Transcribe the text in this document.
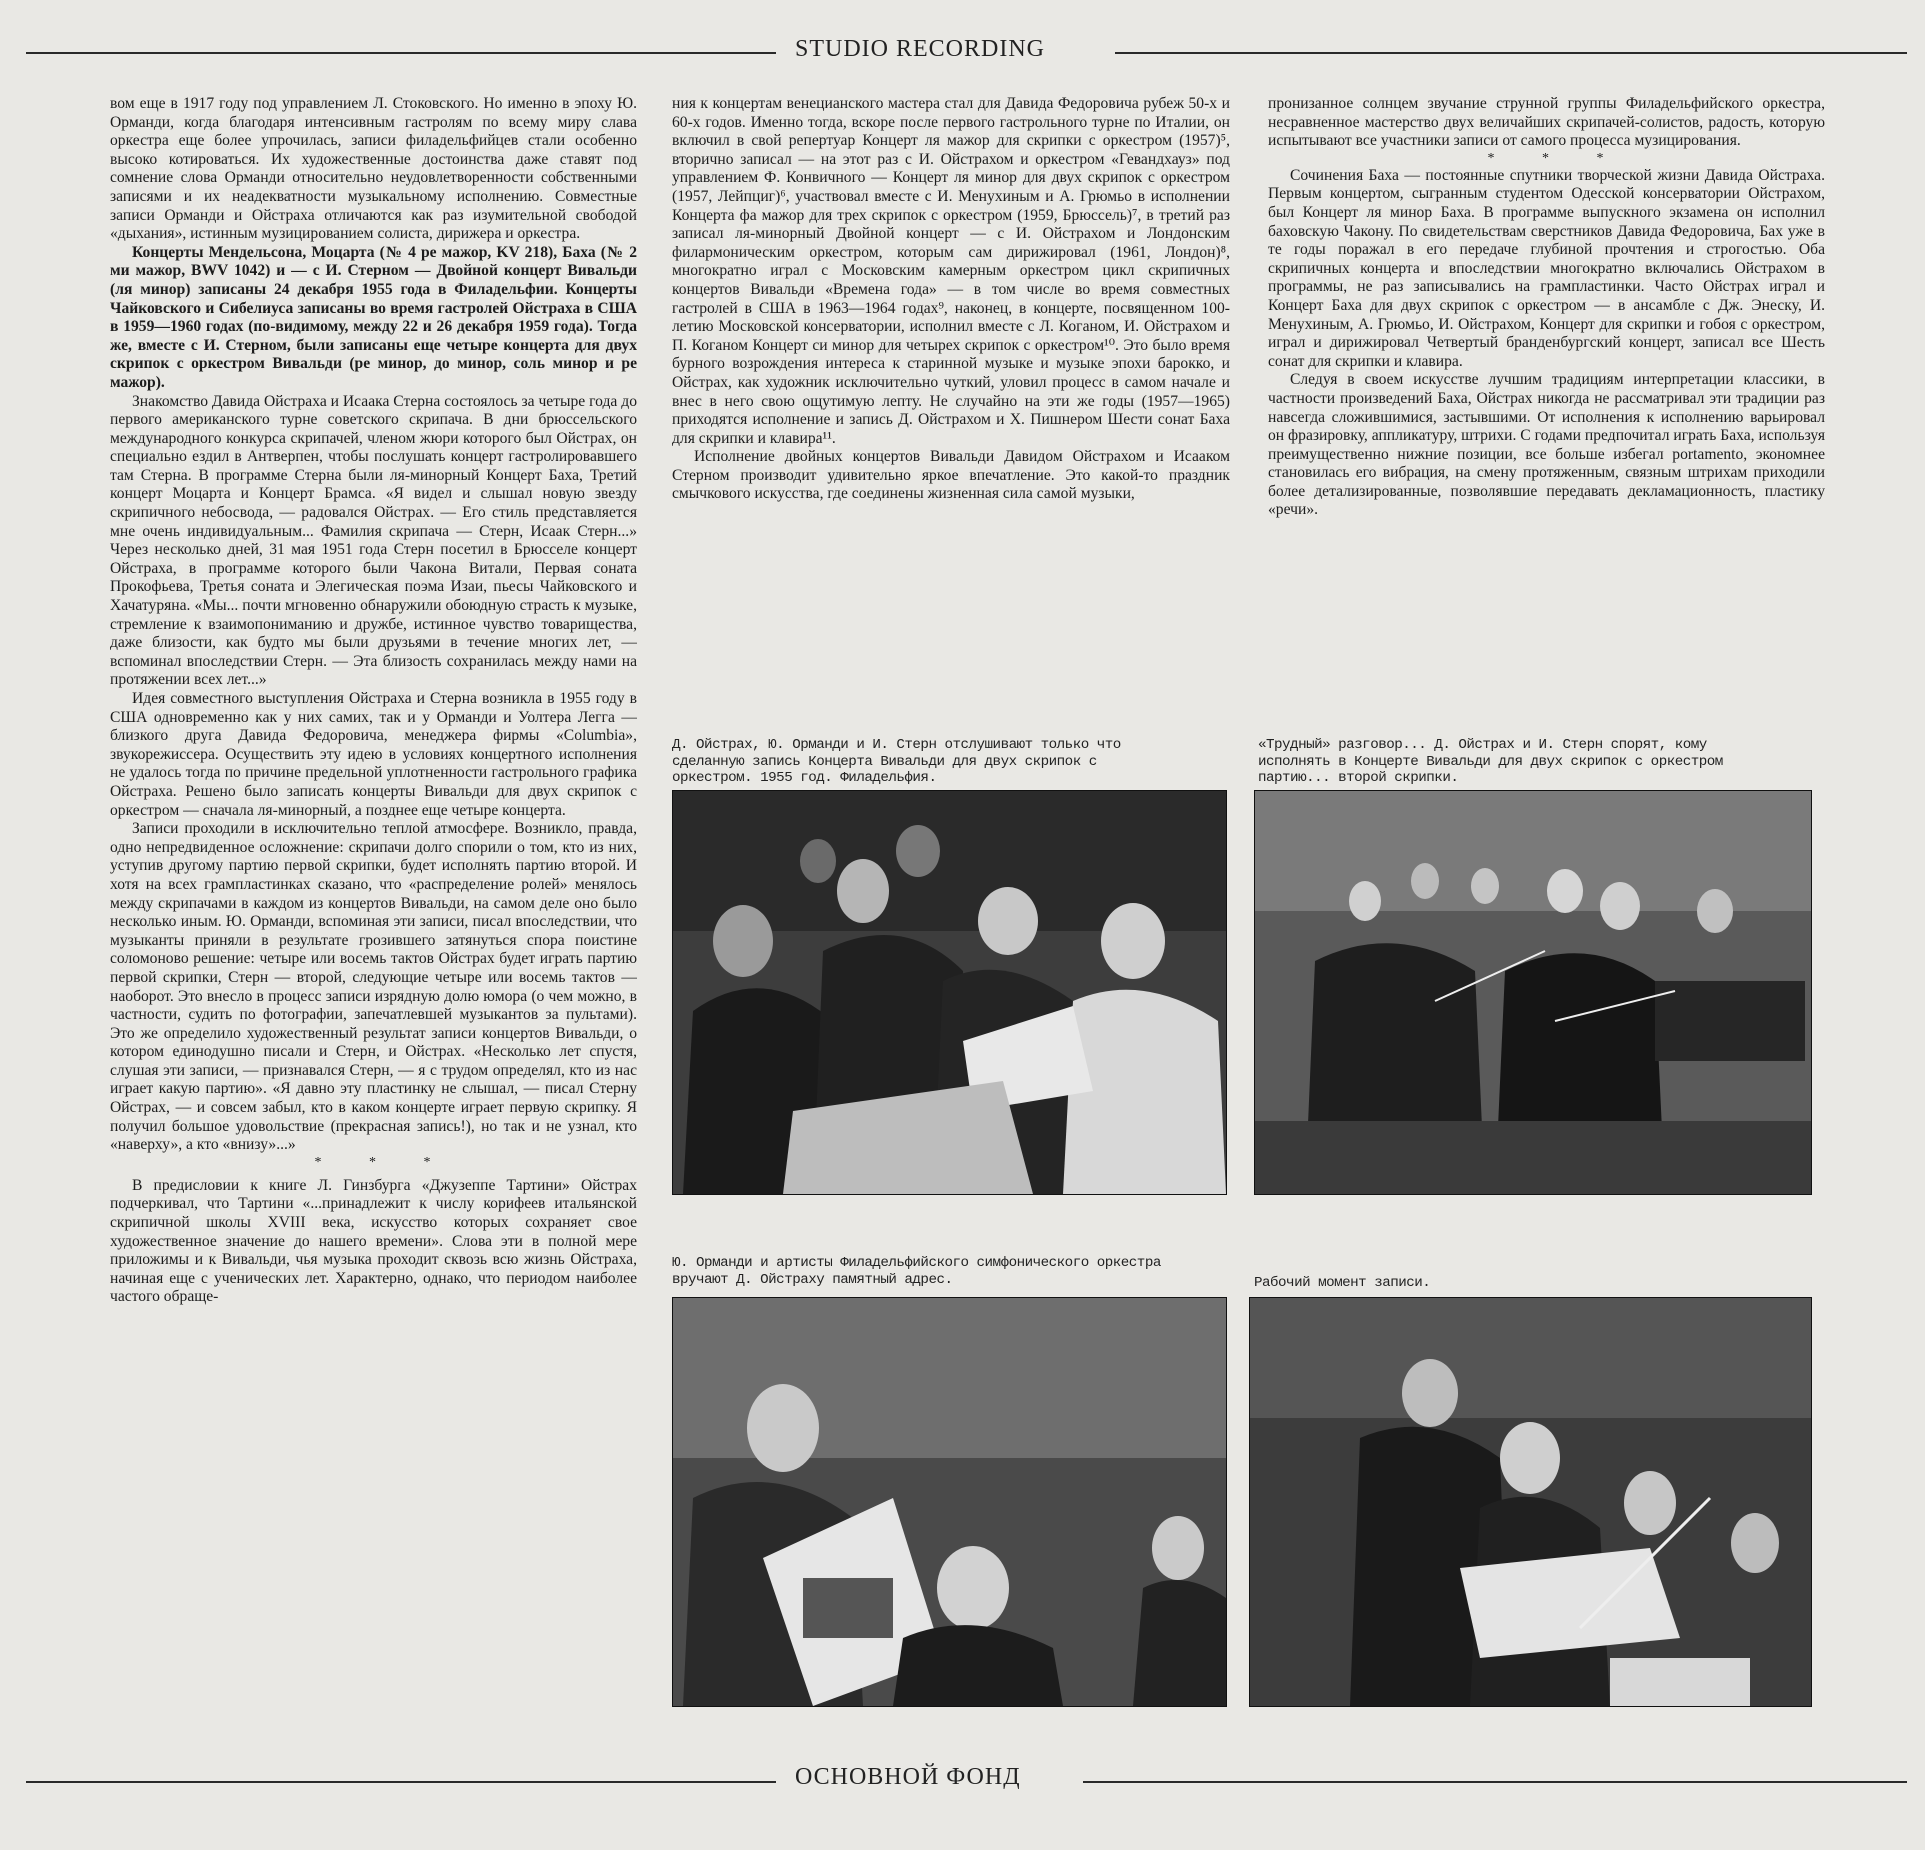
STUDIO RECORDING

вом еще в 1917 году под управлением Л. Стоковского. Но именно в эпоху Ю. Орманди, когда благодаря интенсивным гастролям по всему миру слава оркестра еще более упрочилась, записи филадельфийцев стали особенно высоко котироваться. Их художественные достоинства даже ставят под сомнение слова Орманди относительно неудовлетворенности собственными записями и их неадекватности музыкальному исполнению. Совместные записи Орманди и Ойстраха отличаются как раз изумительной свободой «дыхания», истинным музицированием солиста, дирижера и оркестра.

Концерты Мендельсона, Моцарта (№ 4 ре мажор, KV 218), Баха (№ 2 ми мажор, BWV 1042) и — с И. Стерном — Двойной концерт Вивальди (ля минор) записаны 24 декабря 1955 года в Филадельфии. Концерты Чайковского и Сибелиуса записаны во время гастролей Ойстраха в США в 1959—1960 годах (по-видимому, между 22 и 26 декабря 1959 года). Тогда же, вместе с И. Стерном, были записаны еще четыре концерта для двух скрипок с оркестром Вивальди (ре минор, до минор, соль минор и ре мажор).

Знакомство Давида Ойстраха и Исаака Стерна состоялось за четыре года до первого американского турне советского скрипача. В дни брюссельского международного конкурса скрипачей, членом жюри которого был Ойстрах, он специально ездил в Антверпен, чтобы послушать концерт гастролировавшего там Стерна. В программе Стерна были ля-минорный Концерт Баха, Третий концерт Моцарта и Концерт Брамса. «Я видел и слышал новую звезду скрипичного небосвода, — радовался Ойстрах. — Его стиль представляется мне очень индивидуальным... Фамилия скрипача — Стерн, Исаак Стерн...» Через несколько дней, 31 мая 1951 года Стерн посетил в Брюсселе концерт Ойстраха, в программе которого были Чакона Витали, Первая соната Прокофьева, Третья соната и Элегическая поэма Изаи, пьесы Чайковского и Хачатуряна. «Мы... почти мгновенно обнаружили обоюдную страсть к музыке, стремление к взаимопониманию и дружбе, истинное чувство товарищества, даже близости, как будто мы были друзьями в течение многих лет, — вспоминал впоследствии Стерн. — Эта близость сохранилась между нами на протяжении всех лет...»

Идея совместного выступления Ойстраха и Стерна возникла в 1955 году в США одновременно как у них самих, так и у Орманди и Уолтера Легга — близкого друга Давида Федоровича, менеджера фирмы «Columbia», звукорежиссера. Осуществить эту идею в условиях концертного исполнения не удалось тогда по причине предельной уплотненности гастрольного графика Ойстраха. Решено было записать концерты Вивальди для двух скрипок с оркестром — сначала ля-минорный, а позднее еще четыре концерта.

Записи проходили в исключительно теплой атмосфере. Возникло, правда, одно непредвиденное осложнение: скрипачи долго спорили о том, кто из них, уступив другому партию первой скрипки, будет исполнять партию второй. И хотя на всех грампластинках сказано, что «распределение ролей» менялось между скрипачами в каждом из концертов Вивальди, на самом деле оно было несколько иным. Ю. Орманди, вспоминая эти записи, писал впоследствии, что музыканты приняли в результате грозившего затянуться спора поистине соломоново решение: четыре или восемь тактов Ойстрах будет играть партию первой скрипки, Стерн — второй, следующие четыре или восемь тактов — наоборот. Это внесло в процесс записи изрядную долю юмора (о чем можно, в частности, судить по фотографии, запечатлевшей музыкантов за пультами). Это же определило художественный результат записи концертов Вивальди, о котором единодушно писали и Стерн, и Ойстрах. «Несколько лет спустя, слушая эти записи, — признавался Стерн, — я с трудом определял, кто из нас играет какую партию». «Я давно эту пластинку не слышал, — писал Стерну Ойстрах, — и совсем забыл, кто в каком концерте играет первую скрипку. Я получил большое удовольствие (прекрасная запись!), но так и не узнал, кто «наверху», а кто «внизу»...»

* * *

В предисловии к книге Л. Гинзбурга «Джузеппе Тартини» Ойстрах подчеркивал, что Тартини «...принадлежит к числу корифеев итальянской скрипичной школы XVIII века, искусство которых сохраняет свое художественное значение до нашего времени». Слова эти в полной мере приложимы и к Вивальди, чья музыка проходит сквозь всю жизнь Ойстраха, начиная еще с ученических лет. Характерно, однако, что периодом наиболее частого обраще-

ния к концертам венецианского мастера стал для Давида Федоровича рубеж 50-х и 60-х годов. Именно тогда, вскоре после первого гастрольного турне по Италии, он включил в свой репертуар Концерт ля мажор для скрипки с оркестром (1957)⁵, вторично записал — на этот раз с И. Ойстрахом и оркестром «Гевандхауз» под управлением Ф. Конвичного — Концерт ля минор для двух скрипок с оркестром (1957, Лейпциг)⁶, участвовал вместе с И. Менухиным и А. Грюмьо в исполнении Концерта фа мажор для трех скрипок с оркестром (1959, Брюссель)⁷, в третий раз записал ля-минорный Двойной концерт — с И. Ойстрахом и Лондонским филармоническим оркестром, которым сам дирижировал (1961, Лондон)⁸, многократно играл с Московским камерным оркестром цикл скрипичных концертов Вивальди «Времена года» — в том числе во время совместных гастролей в США в 1963—1964 годах⁹, наконец, в концерте, посвященном 100-летию Московской консерватории, исполнил вместе с Л. Коганом, И. Ойстрахом и П. Коганом Концерт си минор для четырех скрипок с оркестром¹⁰. Это было время бурного возрождения интереса к старинной музыке и музыке эпохи барокко, и Ойстрах, как художник исключительно чуткий, уловил процесс в самом начале и внес в него свою ощутимую лепту. Не случайно на эти же годы (1957—1965) приходятся исполнение и запись Д. Ойстрахом и Х. Пишнером Шести сонат Баха для скрипки и клавира¹¹.

Исполнение двойных концертов Вивальди Давидом Ойстрахом и Исааком Стерном производит удивительно яркое впечатление. Это какой-то праздник смычкового искусства, где соединены жизненная сила самой музыки,

пронизанное солнцем звучание струнной группы Филадельфийского оркестра, несравненное мастерство двух величайших скрипачей-солистов, радость, которую испытывают все участники записи от самого процесса музицирования.

* * *

Сочинения Баха — постоянные спутники творческой жизни Давида Ойстраха. Первым концертом, сыгранным студентом Одесской консерватории Ойстрахом, был Концерт ля минор Баха. В программе выпускного экзамена он исполнил баховскую Чакону. По свидетельствам сверстников Давида Федоровича, Бах уже в те годы поражал в его передаче глубиной прочтения и строгостью. Оба скрипичных концерта и впоследствии многократно включались Ойстрахом в программы, не раз записывались на грампластинки. Часто Ойстрах играл и Концерт Баха для двух скрипок с оркестром — в ансамбле с Дж. Энеску, И. Менухиным, А. Грюмьо, И. Ойстрахом, Концерт для скрипки и гобоя с оркестром, играл и дирижировал Четвертый бранденбургский концерт, записал все Шесть сонат для скрипки и клавира.

Следуя в своем искусстве лучшим традициям интерпретации классики, в частности произведений Баха, Ойстрах никогда не рассматривал эти традиции раз навсегда сложившимися, застывшими. От исполнения к исполнению варьировал он фразировку, аппликатуру, штрихи. С годами предпочитал играть Баха, используя преимущественно нижние позиции, все больше избегал portamento, экономнее становилась его вибрация, на смену протяженным, связным штрихам приходили более детализированные, позволявшие передавать декламационность, пластику «речи».

Д. Ойстрах, Ю. Орманди и И. Стерн отслушивают только что сделанную запись Концерта Вивальди для двух скрипок с оркестром. 1955 год. Филадельфия.
«Трудный» разговор... Д. Ойстрах и И. Стерн спорят, кому исполнять в Концерте Вивальди для двух скрипок с оркестром партию... второй скрипки.
Ю. Орманди и артисты Филадельфийского симфонического оркестра вручают Д. Ойстраху памятный адрес.	Рабочий момент записи.
ОСНОВНОЙ ФОНД
